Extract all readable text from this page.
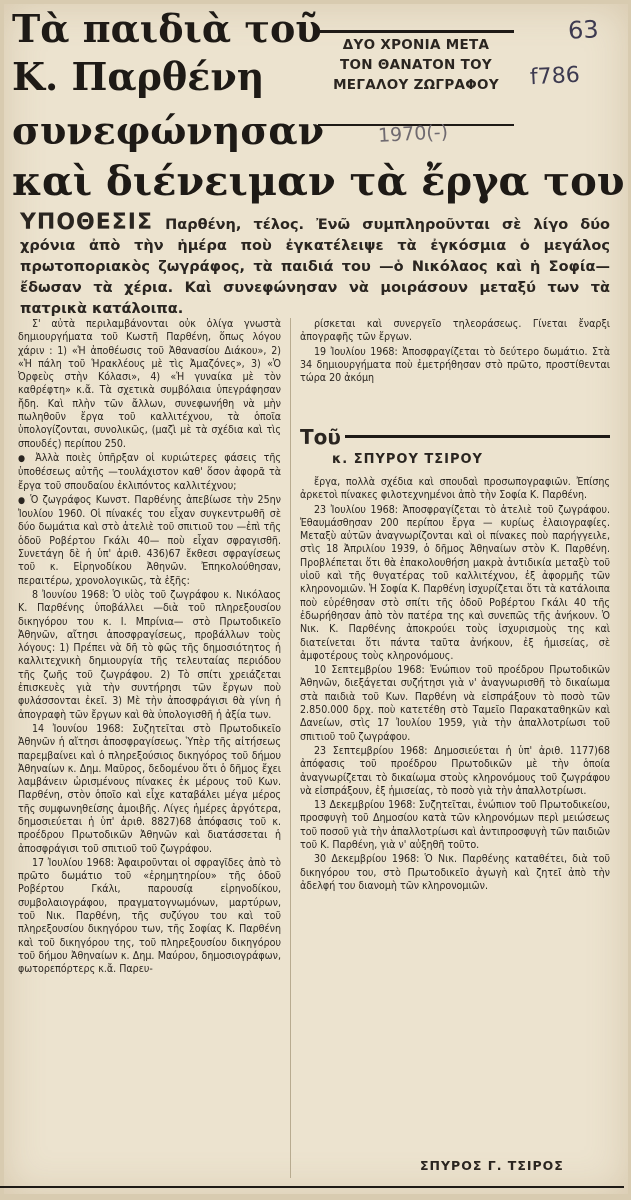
Τὰ παιδιὰ τοῦ
Κ. Παρθένη
συνεφώνησαν
καὶ διένειμαν τὰ ἔργα του
ΔΥΟ ΧΡΟΝΙΑ ΜΕΤΑ
ΤΟΝ ΘΑΝΑΤΟΝ ΤΟΥ
ΜΕΓΑΛΟΥ ΖΩΓΡΑΦΟΥ
63
f786
1970(-)

ΥΠΟΘΕΣΙΣ Παρθένη, τέλος. Ἐνῶ συμπληροῦνται σὲ λίγο δύο χρόνια ἀπὸ τὴν ἡμέρα ποὺ ἐγκατέλειψε τὰ ἐγκόσμια ὁ μεγάλος πρωτοποριακὸς ζωγράφος, τὰ παιδιά του —ὁ Νικόλαος καὶ ἡ Σοφία— ἔδωσαν τὰ χέρια. Καὶ συνεφώνησαν νὰ μοιράσουν μεταξύ των τὰ πατρικὰ κατάλοιπα.

Σ' αὐτὰ περιλαμβάνονται οὐκ ὀλίγα γνωστὰ δημιουργήματα τοῦ Κωστῆ Παρθένη, ὅπως λόγου χάριν : 1) «Ἡ ἀποθέωσις τοῦ Ἀθανασίου Διάκου», 2) «Ἡ πάλη τοῦ Ἡρακλέους μὲ τὶς Ἀμαζόνες», 3) «Ὁ Ὀρφεὺς στὴν Κόλασι», 4) «Ἡ γυναίκα μὲ τὸν καθρέφτη» κ.ἄ. Τὰ σχετικὰ συμβόλαια ὑπεγράφησαν ἤδη. Καὶ πλὴν τῶν ἄλλων, συνεφωνήθη νὰ μὴν πωληθοῦν ἔργα τοῦ καλλιτέχνου, τὰ ὁποῖα ὑπολογίζονται, συνολικῶς, (μαζὶ μὲ τὰ σχέδια καὶ τὶς σπουδές) περίπου 250.

● Ἀλλὰ ποιὲς ὑπῆρξαν οἱ κυριώτερες φάσεις τῆς ὑποθέσεως αὐτῆς —τουλάχιστον καθ' ὅσον ἀφορᾶ τὰ ἔργα τοῦ σπουδαίου ἐκλιπόντος καλλιτέχνου;

● Ὁ ζωγράφος Κωνστ. Παρθένης ἀπεβίωσε τὴν 25ην Ἰουλίου 1960. Οἱ πίνακές του εἶχαν συγκεντρωθῆ σὲ δύο δωμάτια καὶ στὸ ἀτελιὲ τοῦ σπιτιοῦ του —ἐπὶ τῆς ὁδοῦ Ροβέρτου Γκάλι 40— ποὺ εἶχαν σφραγισθῆ. Συνετάγη δὲ ἡ ὑπ' ἀριθ. 436)67 ἔκθεσι σφραγίσεως τοῦ κ. Εἰρηνοδίκου Ἀθηνῶν. Ἐπηκολούθησαν, περαιτέρω, χρονολογικῶς, τὰ ἑξῆς:

8 Ἰουνίου 1968: Ὁ υἱὸς τοῦ ζωγράφου κ. Νικόλαος Κ. Παρθένης ὑποβάλλει —διὰ τοῦ πληρεξουσίου δικηγόρου του κ. Ι. Μπρίνια— στὸ Πρωτοδικεῖο Ἀθηνῶν, αἴτησι ἀποσφραγίσεως, προβάλλων τοὺς λόγους: 1) Πρέπει νὰ δῆ τὸ φῶς τῆς δημοσιότητος ἡ καλλιτεχνικὴ δημιουργία τῆς τελευταίας περιόδου τῆς ζωῆς τοῦ ζωγράφου. 2) Τὸ σπίτι χρειάζεται ἐπισκευὲς γιὰ τὴν συντήρησι τῶν ἔργων ποὺ φυλάσσονται ἐκεῖ. 3) Μὲ τὴν ἀποσφράγισι θὰ γίνη ἡ ἀπογραφὴ τῶν ἔργων καὶ θὰ ὑπολογισθῆ ἡ ἀξία των.

14 Ἰουνίου 1968: Συζητεῖται στὸ Πρωτοδικεῖο Ἀθηνῶν ἡ αἴτησι ἀποσφραγίσεως. Ὑπὲρ τῆς αἰτήσεως παρεμβαίνει καὶ ὁ πληρεξούσιος δικηγόρος τοῦ δήμου Ἀθηναίων κ. Δημ. Μαῦρος, δεδομένου ὅτι ὁ δῆμος ἔχει λαμβάνειν ὡρισμένους πίνακες ἐκ μέρους τοῦ Κων. Παρθένη, στὸν ὁποῖο καὶ εἶχε καταβάλει μέγα μέρος τῆς συμφωνηθείσης ἀμοιβῆς. Λίγες ἡμέρες ἀργότερα, δημοσιεύεται ἡ ὑπ' ἀριθ. 8827)68 ἀπόφασις τοῦ κ. προέδρου Πρωτοδικῶν Ἀθηνῶν καὶ διατάσσεται ἡ ἀποσφράγισι τοῦ σπιτιοῦ τοῦ ζωγράφου.

17 Ἰουλίου 1968: Ἀφαιροῦνται οἱ σφραγῖδες ἀπὸ τὸ πρῶτο δωμάτιο τοῦ «ἐρημητηρίου» τῆς ὁδοῦ Ροβέρτου Γκάλι, παρουσίᾳ εἰρηνοδίκου, συμβολαιογράφου, πραγματογνωμόνων, μαρτύρων, τοῦ Νικ. Παρθένη, τῆς συζύγου του καὶ τοῦ πληρεξουσίου δικηγόρου των, τῆς Σοφίας Κ. Παρθένη καὶ τοῦ δικηγόρου της, τοῦ πληρεξουσίου δικηγόρου τοῦ δήμου Ἀθηναίων κ. Δημ. Μαύρου, δημοσιογράφων, φωτορεπόρτερς κ.ἄ. Παρευ-

ρίσκεται καὶ συνεργεῖο τηλεοράσεως. Γίνεται ἔναρξι ἀπογραφῆς τῶν ἔργων.

19 Ἰουλίου 1968: Ἀποσφραγίζεται τὸ δεύτερο δωμάτιο. Στὰ 34 δημιουργήματα ποὺ ἐμετρήθησαν στὸ πρῶτο, προστίθενται τώρα 20 ἀκόμη

Τοῦ
κ. ΣΠΥΡΟΥ ΤΣΙΡΟΥ

ἔργα, πολλὰ σχέδια καὶ σπουδαὶ προσωπογραφιῶν. Ἐπίσης ἀρκετοὶ πίνακες φιλοτεχνημένοι ἀπὸ τὴν Σοφία Κ. Παρθένη.

23 Ἰουλίου 1968: Ἀποσφραγίζεται τὸ ἀτελιὲ τοῦ ζωγράφου. Ἐθαυμάσθησαν 200 περίπου ἔργα — κυρίως ἐλαιογραφίες. Μεταξὺ αὐτῶν ἀναγνωρίζονται καὶ οἱ πίνακες ποὺ παρήγγειλε, στὶς 18 Ἀπριλίου 1939, ὁ δῆμος Ἀθηναίων στὸν Κ. Παρθένη. Προβλέπεται ὅτι θὰ ἐπακολουθήση μακρὰ ἀντιδικία μεταξὺ τοῦ υἱοῦ καὶ τῆς θυγατέρας τοῦ καλλιτέχνου, ἐξ ἀφορμῆς τῶν κληρονομιῶν. Ἡ Σοφία Κ. Παρθένη ἰσχυρίζεται ὅτι τὰ κατάλοιπα ποὺ εὑρέθησαν στὸ σπίτι τῆς ὁδοῦ Ροβέρτου Γκάλι 40 τῆς ἐδωρήθησαν ἀπὸ τὸν πατέρα της καὶ συνεπῶς τῆς ἀνήκουν. Ὁ Νικ. Κ. Παρθένης ἀποκρούει τοὺς ἰσχυρισμοὺς της καὶ διατείνεται ὅτι πάντα ταῦτα ἀνήκουν, ἐξ ἡμισείας, σὲ ἀμφοτέρους τοὺς κληρονόμους.

10 Σεπτεμβρίου 1968: Ἐνώπιον τοῦ προέδρου Πρωτοδικῶν Ἀθηνῶν, διεξάγεται συζήτησι γιὰ ν' ἀναγνωρισθῆ τὸ δικαίωμα στὰ παιδιὰ τοῦ Κων. Παρθένη νὰ εἰσπράξουν τὸ ποσὸ τῶν 2.850.000 δρχ. ποὺ κατετέθη στὸ Ταμεῖο Παρακαταθηκῶν καὶ Δανείων, στὶς 17 Ἰουλίου 1959, γιὰ τὴν ἀπαλλοτρίωσι τοῦ σπιτιοῦ τοῦ ζωγράφου.

23 Σεπτεμβρίου 1968: Δημοσιεύεται ἡ ὑπ' ἀριθ. 1177)68 ἀπόφασις τοῦ προέδρου Πρωτοδικῶν μὲ τὴν ὁποία ἀναγνωρίζεται τὸ δικαίωμα στοὺς κληρονόμους τοῦ ζωγράφου νὰ εἰσπράξουν, ἐξ ἡμισείας, τὸ ποσὸ γιὰ τὴν ἀπαλλοτρίωσι.

13 Δεκεμβρίου 1968: Συζητεῖται, ἐνώπιον τοῦ Πρωτοδικείου, προσφυγὴ τοῦ Δημοσίου κατὰ τῶν κληρονόμων περὶ μειώσεως τοῦ ποσοῦ γιὰ τὴν ἀπαλλοτρίωσι καὶ ἀντιπροσφυγὴ τῶν παιδιῶν τοῦ Κ. Παρθένη, γιὰ ν' αὐξηθῆ τοῦτο.

30 Δεκεμβρίου 1968: Ὁ Νικ. Παρθένης καταθέτει, διὰ τοῦ δικηγόρου του, στὸ Πρωτοδικεῖο ἀγωγὴ καὶ ζητεῖ ἀπὸ τὴν ἀδελφή του διανομὴ τῶν κληρονομιῶν.

ΣΠΥΡΟΣ Γ. ΤΣΙΡΟΣ
